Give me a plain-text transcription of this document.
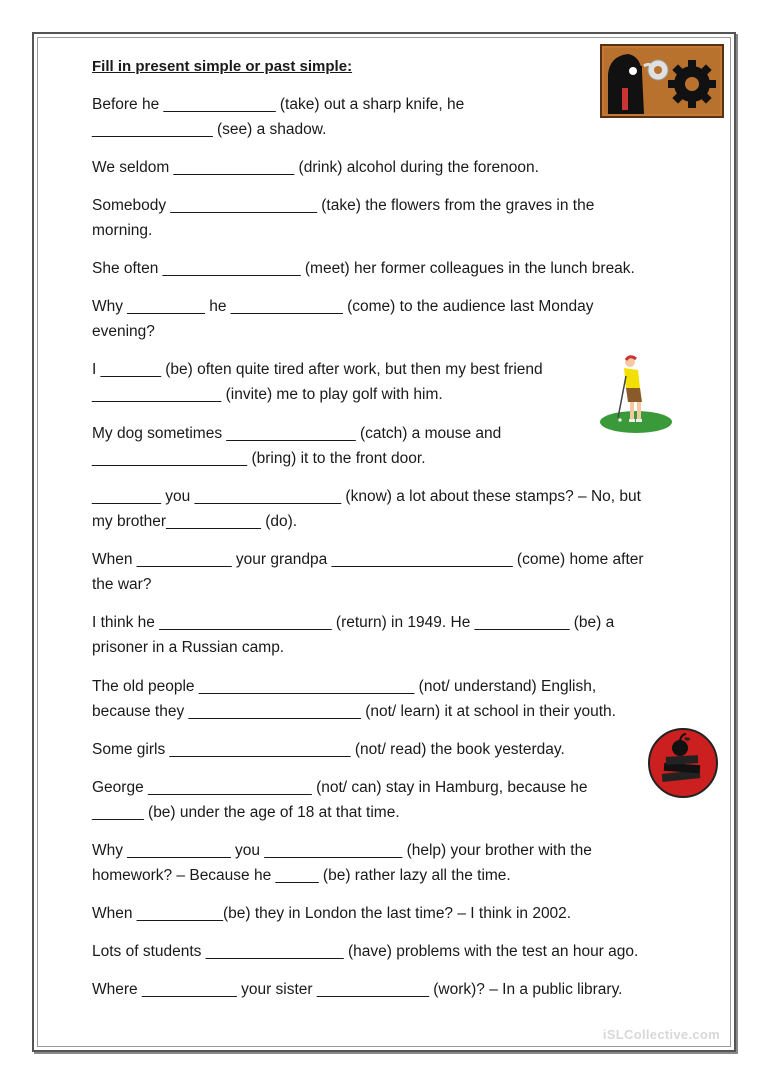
Fill in present simple or past simple:

Before he _____________ (take) out a sharp knife, he
______________ (see) a shadow.

We seldom ______________ (drink) alcohol during the forenoon.

Somebody _________________ (take) the flowers from the graves in the
morning.

She often ________________ (meet) her former colleagues in the lunch break.

Why _________ he _____________ (come) to the audience last Monday
evening?

I _______ (be) often quite tired after work, but then my best friend
_______________ (invite) me to play golf with him.

My dog sometimes _______________ (catch) a mouse and
__________________ (bring) it to the front door.

________ you _________________ (know) a lot about these stamps? – No, but
my brother___________ (do).

When ___________ your grandpa _____________________ (come) home after
the war?

I think he ____________________ (return) in 1949. He ___________ (be) a
prisoner in a Russian camp.

The old people _________________________ (not/ understand) English,
because they ____________________ (not/ learn) it at school in their youth.

Some girls _____________________ (not/ read) the book yesterday.

George ___________________ (not/ can) stay in Hamburg, because he
______ (be) under the age of 18 at that time.

Why ____________ you ________________ (help) your brother with the
homework? – Because he _____ (be) rather lazy all the time.

When __________(be) they in London the last time? – I think in 2002.

Lots of students ________________ (have) problems with the test an hour ago.

Where ___________ your sister _____________ (work)? – In a public library.

iSLCollective.com
